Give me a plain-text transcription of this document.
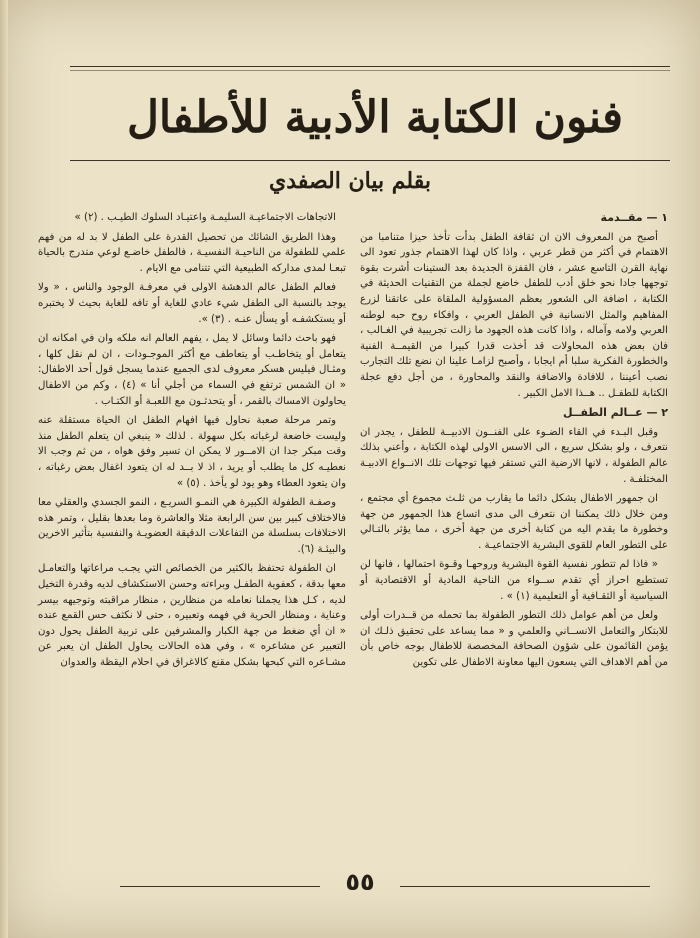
فنون الكتابة الأدبية للأطفال
بقلم بيان الصفدي

١ — مقــدمة

أصبح من المعروف الان ان ثقافة الطفل بدأت تأخذ حيزا متنامبا من الاهتمام في أكثر من قطر عربي ، واذا كان لهذا الاهتمام جذور تعود الى نهاية القرن التاسع عشر ، فان القفزة الجديدة بعد الستينات أشرت بقوة توجهها جادا نحو خلق أدب للطفل خاضع لجملة من التقنيات الحديثة في الكتابة ، اضافة الى الشعور بعظم المسؤولية الملقاة على عاتقنا لزرع المفاهيم والمثل الانسانية في الطفل العربي ، وافكاء روح حبه لوطنه العربي ولامه وآماله ، واذا كانت هذه الجهود ما زالت تجريبية في الغـالب ، فان بعض هذه المحاولات قد أخذت قدرا كبيرا من القيمــة الفنية والخطورة الفكرية سلبا أم ايجابا ، وأصبح لزامـا علينا ان نضع تلك التجارب نصب أعيننا ، للافادة والاضافة والنقد والمحاورة ، من أجل دفع عجلة الكتابة للطفـل .. هــذا الامل الكبير .

٢ — عــالم الطفــل

وقبل البـدء في القاء الضـوء على الفنــون الادبيــة للطفل ، يجدر ان نتعرف ، ولو بشكل سريع ، الى الاسس الاولى لهذه الكتابة ، وأعني بذلك عالم الطفولة ، لانها الارضية التي تستقر فيها توجهات تلك الانــواع الادبيـة المختلفـة .

ان جمهور الاطفال يشكل دائما ما يقارب من ثلـث مجموع أي مجتمع ، ومن خلال ذلك يمكننا ان نتعرف الى مدى اتساع هذا الجمهور من جهة وخطورة ما يقدم اليه من كتابة أخرى من جهة أخرى ، مما يؤثر بالتـالي على التطور العام للقوى البشرية الاجتماعيـة .

« فاذا لم تتطور نفسية القوة البشرية وروحهـا وقـوة احتمالها ، فانها لن تستطيع احراز أي تقدم ســواء من الناحية المادية أو الاقتصادية أو السياسية أو الثقـافية أو التعليمية (١) » .

ولعل من أهم عوامل ذلك التطور الطفولة بما تحمله من قــدرات أولى للابتكار والتعامل الانســاني والعلمي و « مما يساعد على تحقيق ذلـك ان يؤمن القائمون على شؤون الصحافة المخصصة للاطفال بوجه خاص بأن من أهم الاهداف التي يسعون اليها معاونة الاطفال على تكوين

الاتجاهات الاجتماعيـة السليمـة واعتيـاد السلوك الطيـب . (٢) »

وهذا الطريق الشائك من تحصيل القدرة على الطفل لا بد له من فهم علمي للطفولة من الناحيـة النفسيـة ، فالطفل خاضـع لوعي متدرج بالحياة تبعـا لمدى مداركه الطبيعية التي تتنامى مع الايام .

فعالم الطفل عالم الدهشة الاولى في معرفـة الوجود والناس ، « ولا يوجد بالنسبة الى الطفل شيء عادي للغاية أو تافه للغاية بحيث لا يختبره أو يستكشفـه أو يسأل عنـه . (٣) ».

فهو باحث دائما وسائل لا يمل ، يفهم العالم انه ملكه وان في امكانه ان يتعامل أو يتخاطـب أو يتعاطف مع أكثر الموجـودات ، ان لم نقل كلها ، ومثـال فيليس هسكر معروف لدى الجميع عندما يسجل قول أحد الاطفال: « ان الشمس ترتفع في السماء من أجلي أنا » (٤) ، وكم من الاطفال يحاولون الامساك بالقمر ، أو يتحدثـون مع اللعبـة أو الكتـاب .

وتمر مرحلة صعبة نحاول فيها افهام الطفل ان الحياة مستقلة عنه وليست خاضعة لرغباته بكل سهولة . لذلك « ينبغي ان يتعلم الطفل منذ وقت مبكر جدا ان الامــور لا يمكن ان تسير وفق هواه ، من ثم وجب الا نعطيـه كل ما يطلب أو يريد ، اذ لا بــد له ان يتعود اغفال بعض رغباته ، وان يتعود العطاء وهو يود لو يأخذ . (٥) »

وصفـة الطفولة الكبيرة هي النمـو السريـع ، النمو الجسدي والعقلي معا فالاختلاف كبير بين سن الرابعة مثلا والعاشرة وما بعدها بقليل ، وتمر هذه الاختلافات بسلسلة من التفاعلات الدقيقة العضويـة والنفسية بتأثير الاخرين والبيئـة (٦).

ان الطفولة تحتفظ بالكثير من الخصائص التي يجـب مراعاتها والتعامـل معها بدقة ، كعفوية الطفـل وبراءته وحسن الاستكشاف لديه وقدرة التخيل لديه ، كـل هذا يجملنا نعامله من منظارين ، منظار مراقبته وتوجيهه بيسر وعناية ، ومنظار الحرية في فهمه وتعبيره ، حتى لا نكثف حس القمع عنده « ان أي ضغط من جهة الكبار والمشرفين على تربية الطفل يحول دون التعبير عن مشاعره » ، وفي هذه الحالات يحاول الطفل ان يعبر عن مشـاعره التي كبحها بشكل مقنع كالاغراق في احلام اليقظة والعدوان

٥٥
